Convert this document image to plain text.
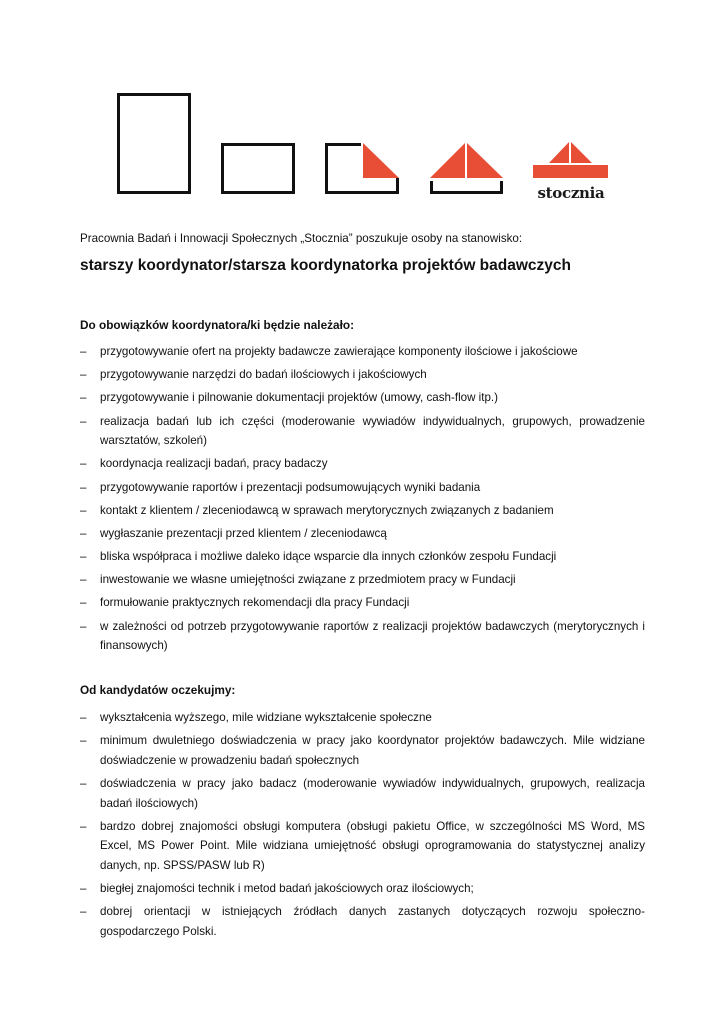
stocznia
Pracownia Badań i Innowacji Społecznych „Stocznia” poszukuje osoby na stanowisko:
starszy koordynator/starsza koordynatorka projektów badawczych
Do obowiązków koordynatora/ki będzie należało:
– przygotowywanie ofert na projekty badawcze zawierające komponenty ilościowe i jakościowe
– przygotowywanie narzędzi do badań ilościowych i jakościowych
– przygotowywanie i pilnowanie dokumentacji projektów (umowy, cash-flow itp.)
– realizacja badań lub ich części (moderowanie wywiadów indywidualnych, grupowych, prowadzenie warsztatów, szkoleń)
– koordynacja realizacji badań, pracy badaczy
– przygotowywanie raportów i prezentacji podsumowujących wyniki badania
– kontakt z klientem / zleceniodawcą w sprawach merytorycznych związanych z badaniem
– wygłaszanie prezentacji przed klientem / zleceniodawcą
– bliska współpraca i możliwe daleko idące wsparcie dla innych członków zespołu Fundacji
– inwestowanie we własne umiejętności związane z przedmiotem pracy w Fundacji
– formułowanie praktycznych rekomendacji dla pracy Fundacji
– w zależności od potrzeb przygotowywanie raportów z realizacji projektów badawczych (merytorycznych i finansowych)
Od kandydatów oczekujmy:
– wykształcenia wyższego, mile widziane wykształcenie społeczne
– minimum dwuletniego doświadczenia w pracy jako koordynator projektów badawczych. Mile widziane doświadczenie w prowadzeniu badań społecznych
– doświadczenia w pracy jako badacz (moderowanie wywiadów indywidualnych, grupowych, realizacja badań ilościowych)
– bardzo dobrej znajomości obsługi komputera (obsługi pakietu Office, w szczególności MS Word, MS Excel, MS Power Point. Mile widziana umiejętność obsługi oprogramowania do statystycznej analizy danych, np. SPSS/PASW lub R)
– biegłej znajomości technik i metod badań jakościowych oraz ilościowych;
– dobrej orientacji w istniejących źródłach danych zastanych dotyczących rozwoju społeczno-gospodarczego Polski.
